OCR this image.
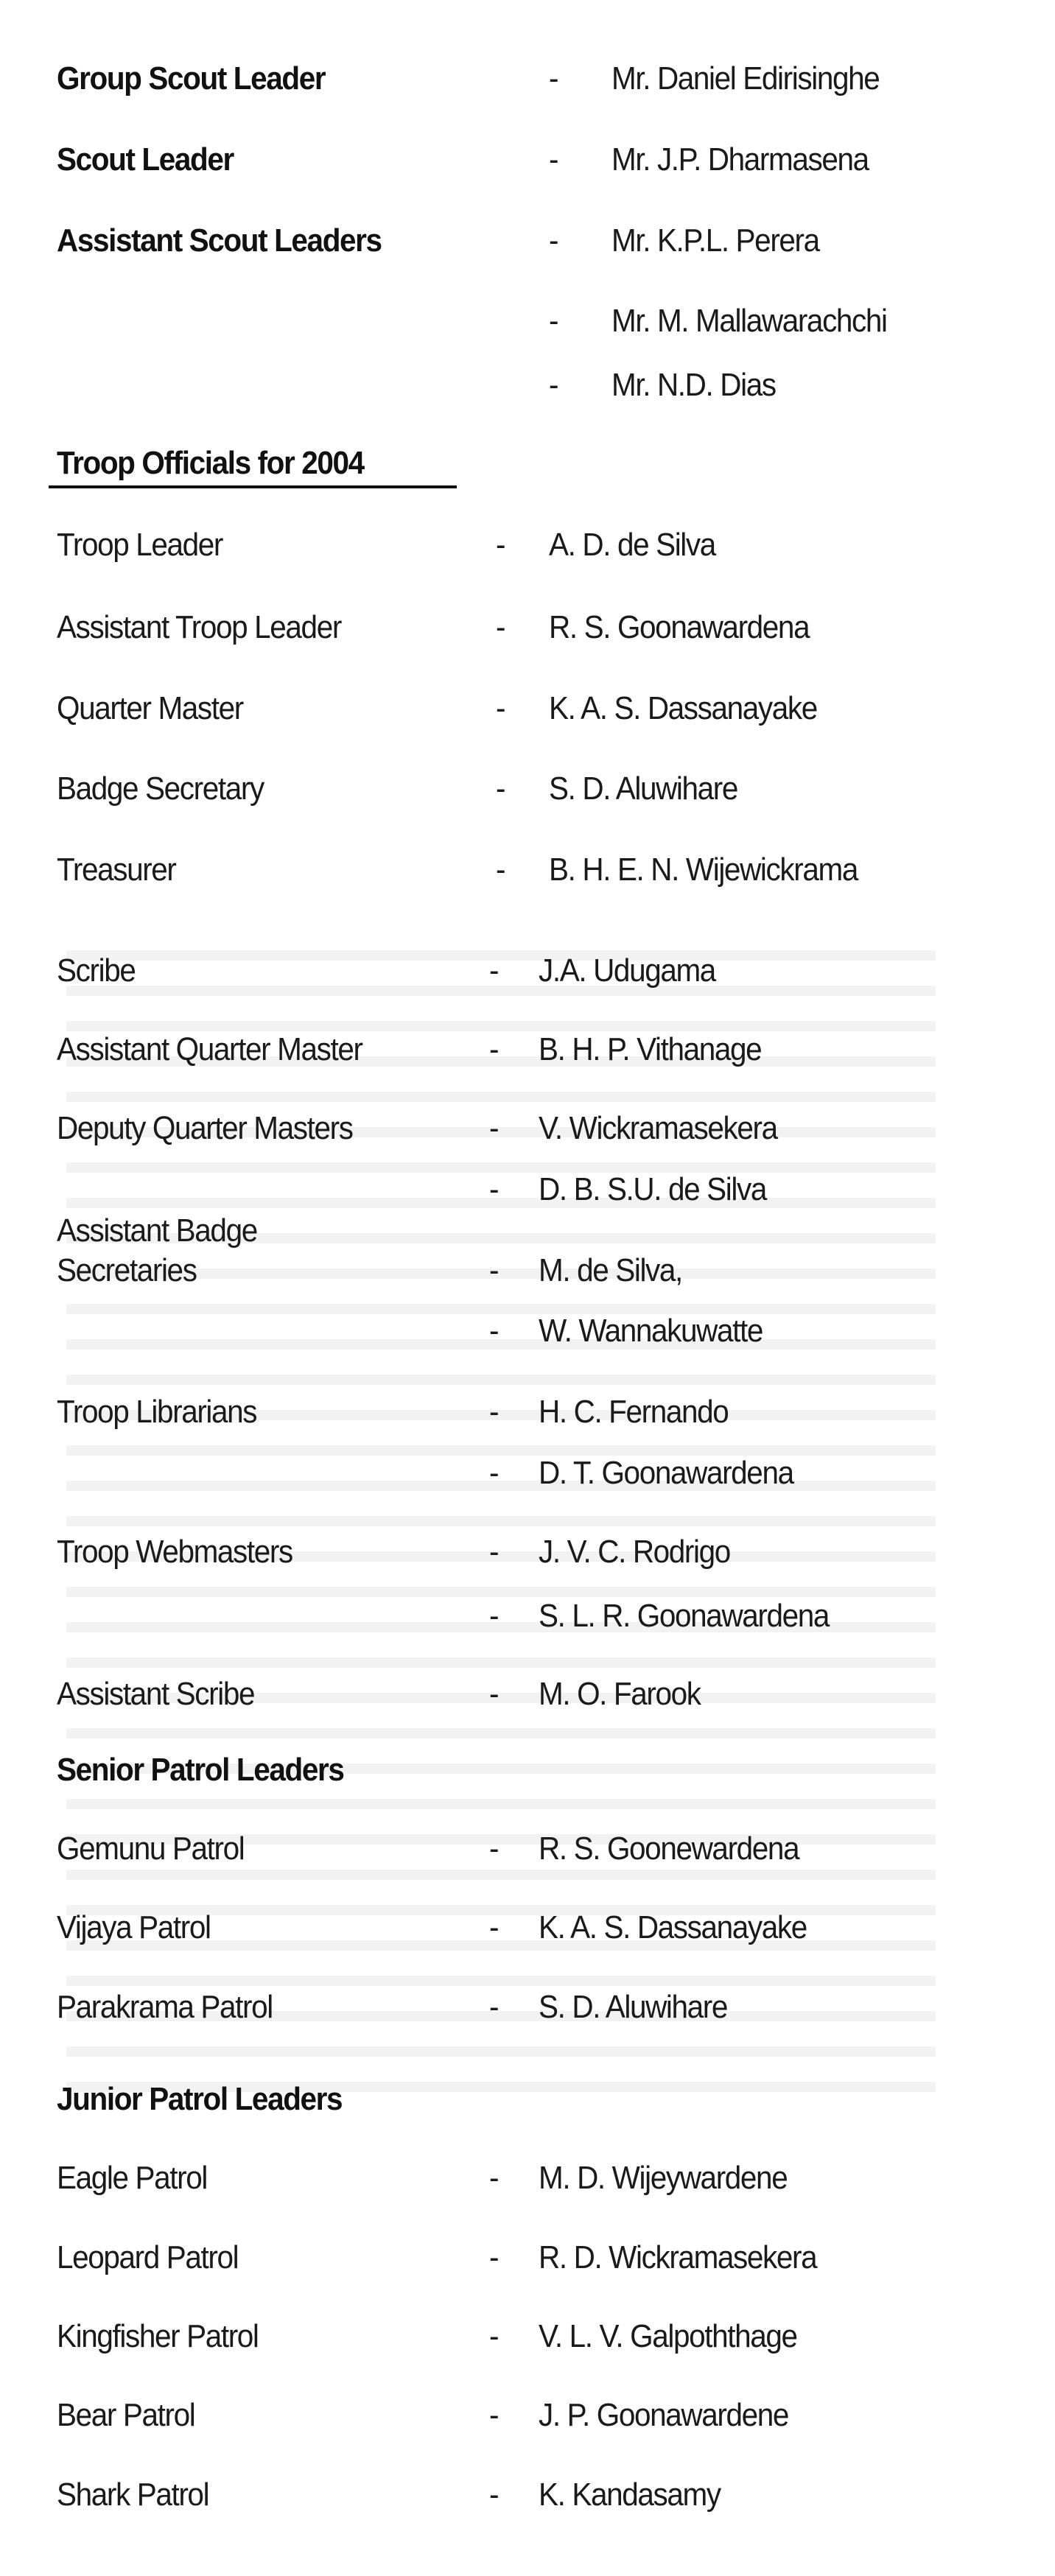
Group Scout Leader	- Mr. Daniel Edirisinghe
Scout Leader	- Mr. J.P. Dharmasena
Assistant Scout Leaders	- Mr. K.P.L. Perera
- Mr. M. Mallawarachchi
- Mr. N.D. Dias
Troop Officials for 2004
Troop Leader	- A. D. de Silva
Assistant Troop Leader	- R. S. Goonawardena
Quarter Master	- K. A. S. Dassanayake
Badge Secretary	- S. D. Aluwihare
Treasurer	- B. H. E. N. Wijewickrama
Scribe	- J.A. Udugama
Assistant Quarter Master	- B. H. P. Vithanage
Deputy Quarter Masters	- V. Wickramasekera
- D. B. S.U. de Silva
Assistant Badge
Secretaries	- M. de Silva,
- W. Wannakuwatte
Troop Librarians	- H. C. Fernando
- D. T. Goonawardena
Troop Webmasters	- J. V. C. Rodrigo
- S. L. R. Goonawardena
Assistant Scribe	- M. O. Farook
Senior Patrol Leaders
Gemunu Patrol	- R. S. Goonewardena
Vijaya Patrol	- K. A. S. Dassanayake
Parakrama Patrol	- S. D. Aluwihare
Junior Patrol Leaders
Eagle Patrol	- M. D. Wijeywardene
Leopard Patrol	- R. D. Wickramasekera
Kingfisher Patrol	- V. L. V. Galpoththage
Bear Patrol	- J. P. Goonawardene
Shark Patrol	- K. Kandasamy
